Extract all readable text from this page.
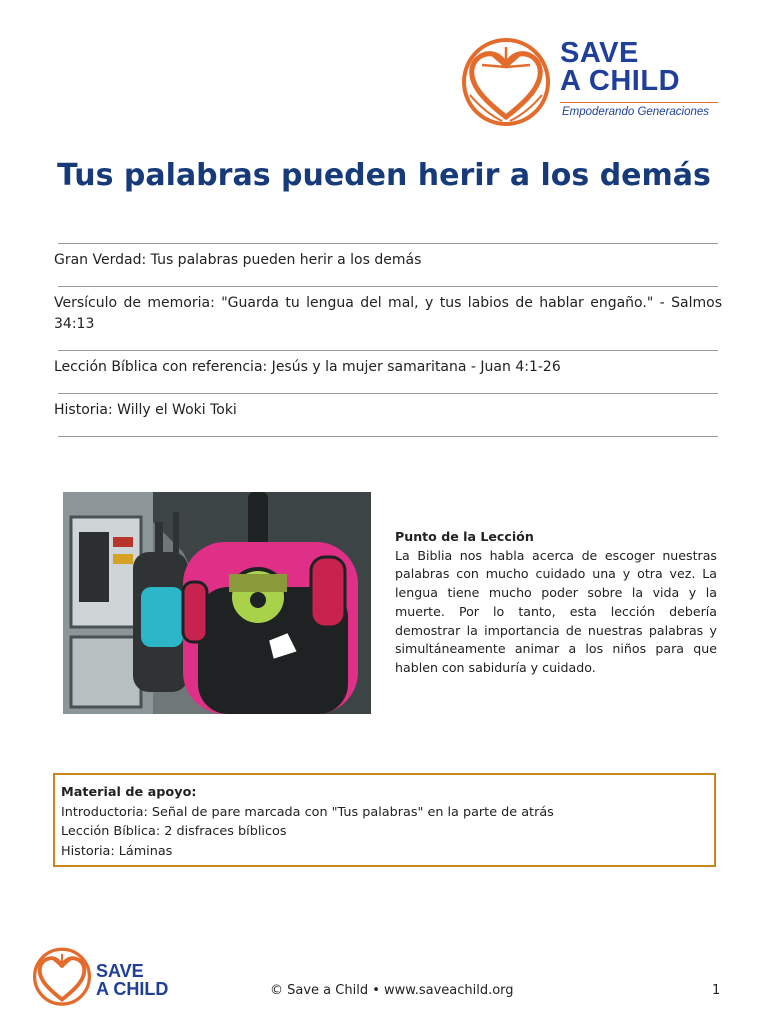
SAVE
A CHILD
Empoderando Generaciones
Tus palabras pueden herir a los demás
Gran Verdad: Tus palabras pueden herir a los demás
Versículo de memoria: "Guarda tu lengua del mal, y tus labios de hablar engaño." - Salmos 34:13
Lección Bíblica con referencia: Jesús y la mujer samaritana - Juan 4:1-26
Historia: Willy el Woki Toki
Punto de la Lección
La Biblia nos habla acerca de escoger nuestras palabras con mucho cuidado una y otra vez. La lengua tiene mucho poder sobre la vida y la muerte. Por lo tanto, esta lección debería demostrar la importancia de nuestras palabras y simultáneamente animar a los niños para que hablen con sabiduría y cuidado.
Material de apoyo:
Introductoria: Señal de pare marcada con "Tus palabras" en la parte de atrás
Lección Bíblica: 2 disfraces bíblicos
Historia: Láminas
SAVE
A CHILD	© Save a Child • www.saveachild.org	1
